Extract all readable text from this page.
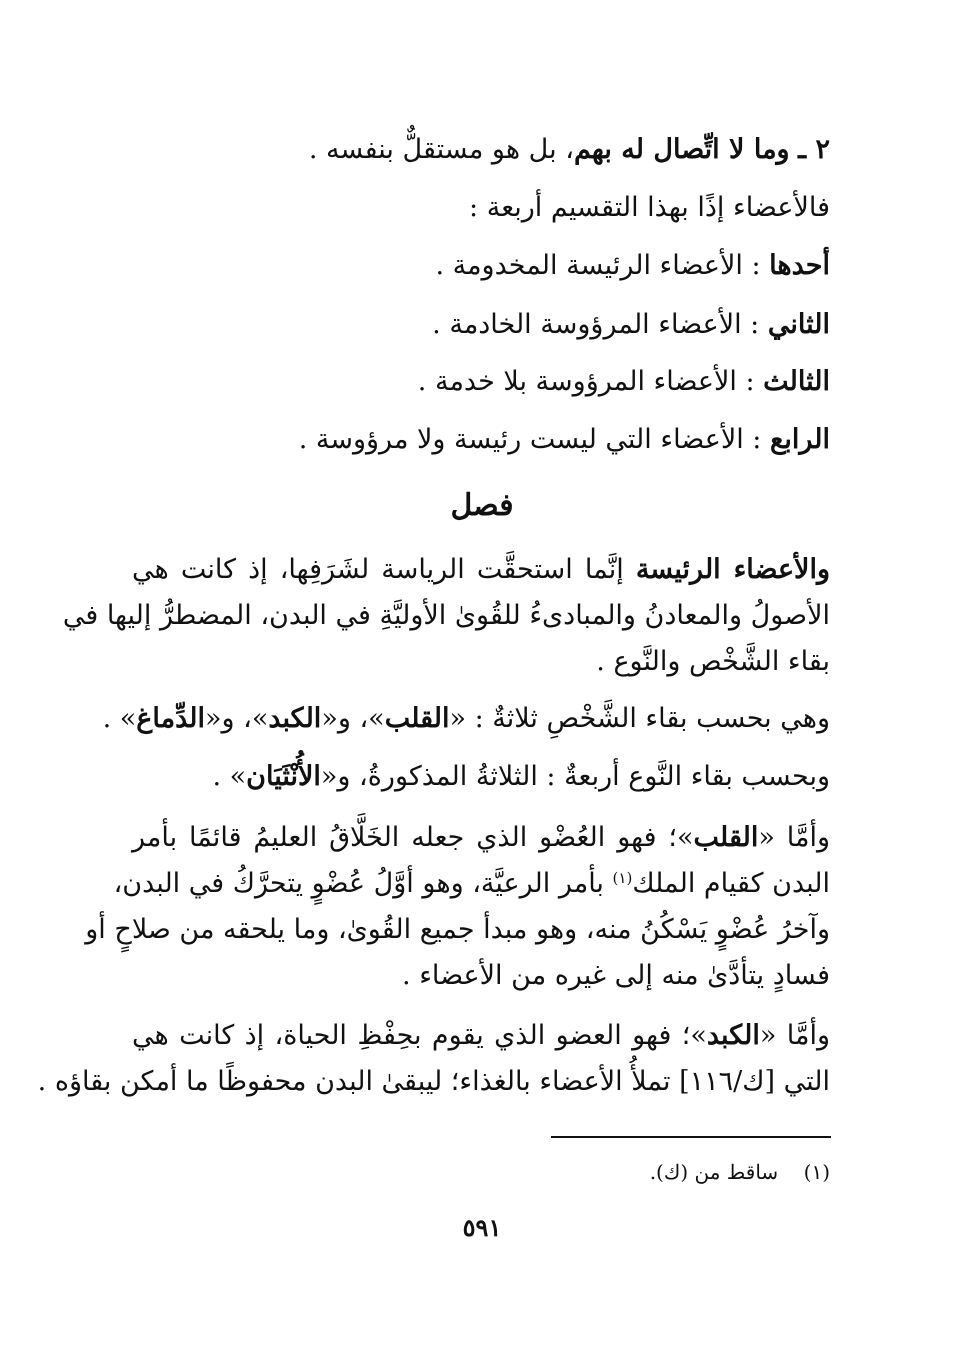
٢ ـ وما لا اتِّصال له بهم، بل هو مستقلٌّ بنفسه .
فالأعضاء إذًا بهذا التقسيم أربعة :
أحدها : الأعضاء الرئيسة المخدومة .
الثاني : الأعضاء المرؤوسة الخادمة .
الثالث : الأعضاء المرؤوسة بلا خدمة .
الرابع : الأعضاء التي ليست رئيسة ولا مرؤوسة .
فصل
والأعضاء الرئيسة إنَّما استحقَّت الرياسة لشَرَفِها، إذ كانت هي
الأصولُ والمعادنُ والمبادىءُ للقُوىٰ الأوليَّةِ في البدن، المضطرُّ إليها في
بقاء الشَّخْص والنَّوع .
وهي بحسب بقاء الشَّخْصِ ثلاثةٌ : «القلب»، و«الكبد»، و«الدِّماغ» .
وبحسب بقاء النَّوع أربعةٌ : الثلاثةُ المذكورةُ، و«الأُنْثَيَان» .
وأمَّا «القلب»؛ فهو العُضْو الذي جعله الخَلَّاقُ العليمُ قائمًا بأمر
البدن كقيام الملك$^{(١)}$ بأمر الرعيَّة، وهو أوَّلُ عُضْوٍ يتحرَّكُ في البدن،
وآخرُ عُضْوٍ يَسْكُنُ منه، وهو مبدأ جميع القُوىٰ، وما يلحقه من صلاحٍ أو
فسادٍ يتأدَّىٰ منه إلى غيره من الأعضاء .
وأمَّا «الكبد»؛ فهو العضو الذي يقوم بحِفْظِ الحياة، إذ كانت هي
التي [ك/١١٦] تملأُ الأعضاء بالغذاء؛ ليبقىٰ البدن محفوظًا ما أمكن بقاؤه .
(١)    ساقط من (ك).
٥٩١
